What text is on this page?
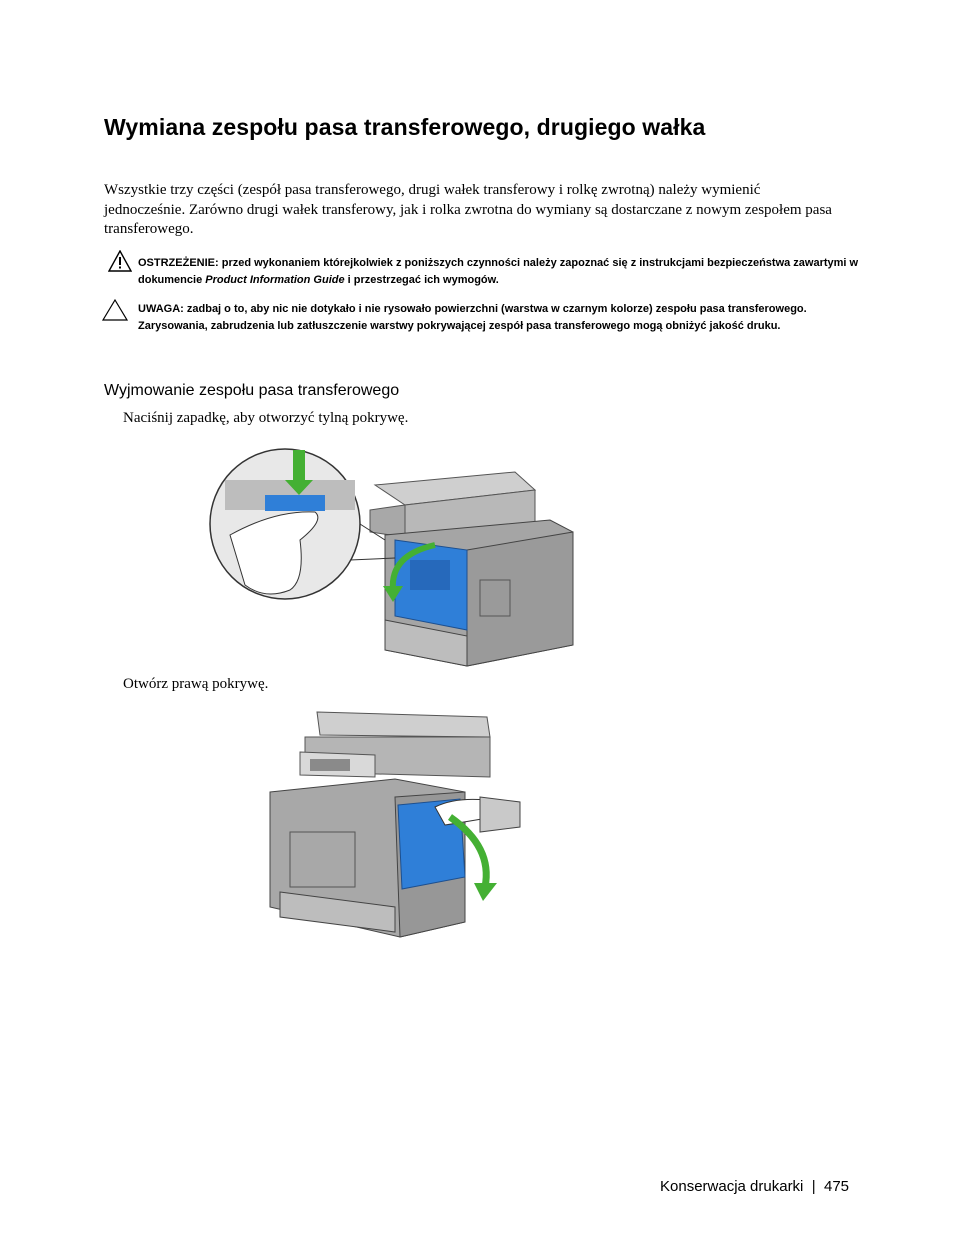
Wymiana zespołu pasa transferowego, drugiego wałka
Wszystkie trzy części (zespół pasa transferowego, drugi wałek transferowy i rolkę zwrotną) należy wymienić jednocześnie. Zarówno drugi wałek transferowy, jak i rolka zwrotna do wymiany są dostarczane z nowym zespołem pasa transferowego.
OSTRZEŻENIE: przed wykonaniem którejkolwiek z poniższych czynności należy zapoznać się z instrukcjami bezpieczeństwa zawartymi w dokumencie Product Information Guide i przestrzegać ich wymogów.
UWAGA: zadbaj o to, aby nic nie dotykało i nie rysowało powierzchni (warstwa w czarnym kolorze) zespołu pasa transferowego. Zarysowania, zabrudzenia lub zatłuszczenie warstwy pokrywającej zespół pasa transferowego mogą obniżyć jakość druku.
Wyjmowanie zespołu pasa transferowego
Naciśnij zapadkę, aby otworzyć tylną pokrywę.
Otwórz prawą pokrywę.
Konserwacja drukarki | 475
